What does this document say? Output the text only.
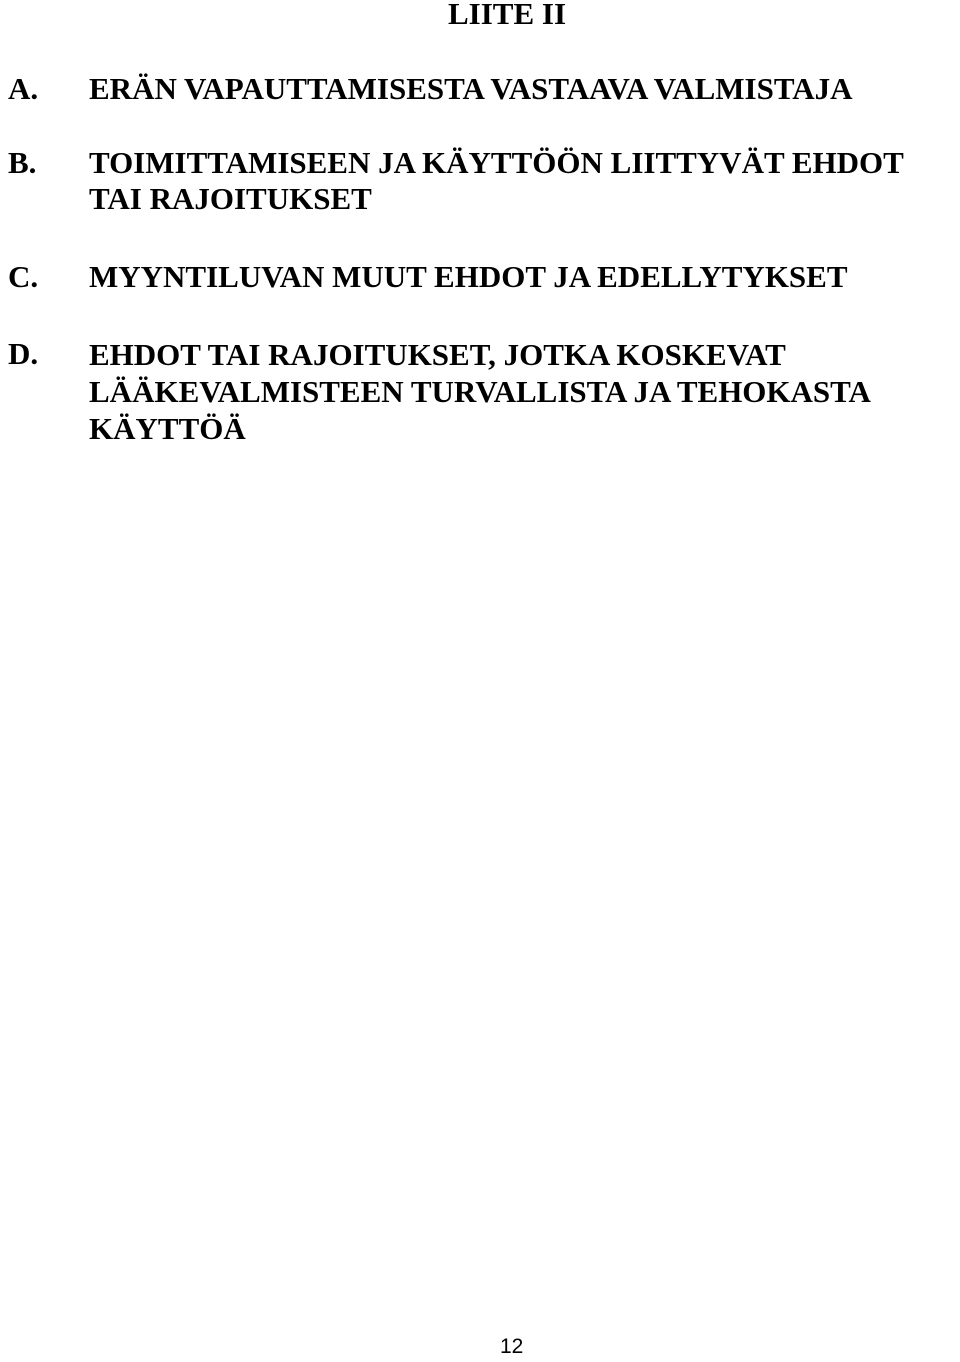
LIITE II
A. ERÄN VAPAUTTAMISESTA VASTAAVA VALMISTAJA
B. TOIMITTAMISEEN JA KÄYTTÖÖN LIITTYVÄT EHDOT
TAI RAJOITUKSET
C. MYYNTILUVAN MUUT EHDOT JA EDELLYTYKSET
D. EHDOT TAI RAJOITUKSET, JOTKA KOSKEVAT
LÄÄKEVALMISTEEN TURVALLISTA JA TEHOKASTA
KÄYTTÖÄ
12
